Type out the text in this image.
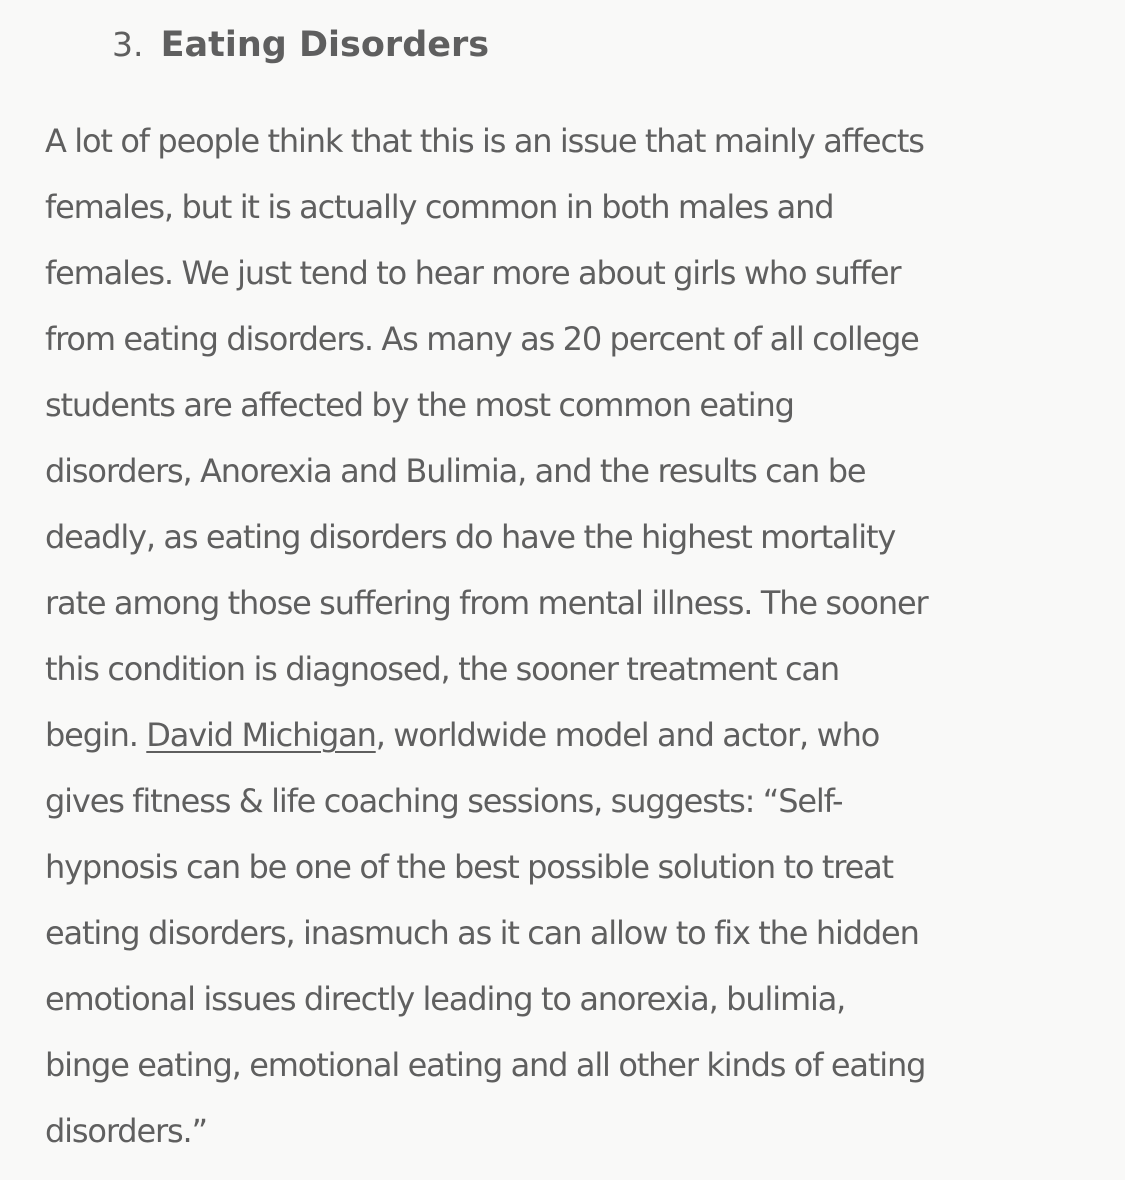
3. Eating Disorders
A lot of people think that this is an issue that mainly affects
females, but it is actually common in both males and
females. We just tend to hear more about girls who suffer
from eating disorders. As many as 20 percent of all college
students are affected by the most common eating
disorders, Anorexia and Bulimia, and the results can be
deadly, as eating disorders do have the highest mortality
rate among those suffering from mental illness. The sooner
this condition is diagnosed, the sooner treatment can
begin. David Michigan, worldwide model and actor, who
gives fitness & life coaching sessions, suggests: “Self-
hypnosis can be one of the best possible solution to treat
eating disorders, inasmuch as it can allow to fix the hidden
emotional issues directly leading to anorexia, bulimia,
binge eating, emotional eating and all other kinds of eating
disorders.”
